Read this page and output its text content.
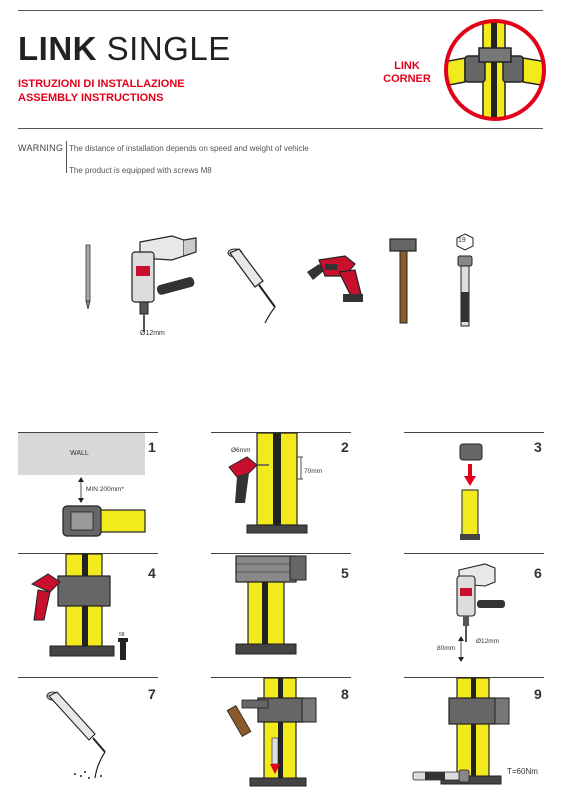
LINK SINGLE
ISTRUZIONI DI INSTALLAZIONE
ASSEMBLY INSTRUCTIONS
LINK
CORNER
WARNING The distance of installation depends on speed and weight of vehicle
The product is equipped with screws M8
Ø12mm
19
1	2	3
4	5	6
7	8	9
WALL
MIN 200mm*
Ø6mm
70mm
58
Ø12mm
80mm
T=60Nm
